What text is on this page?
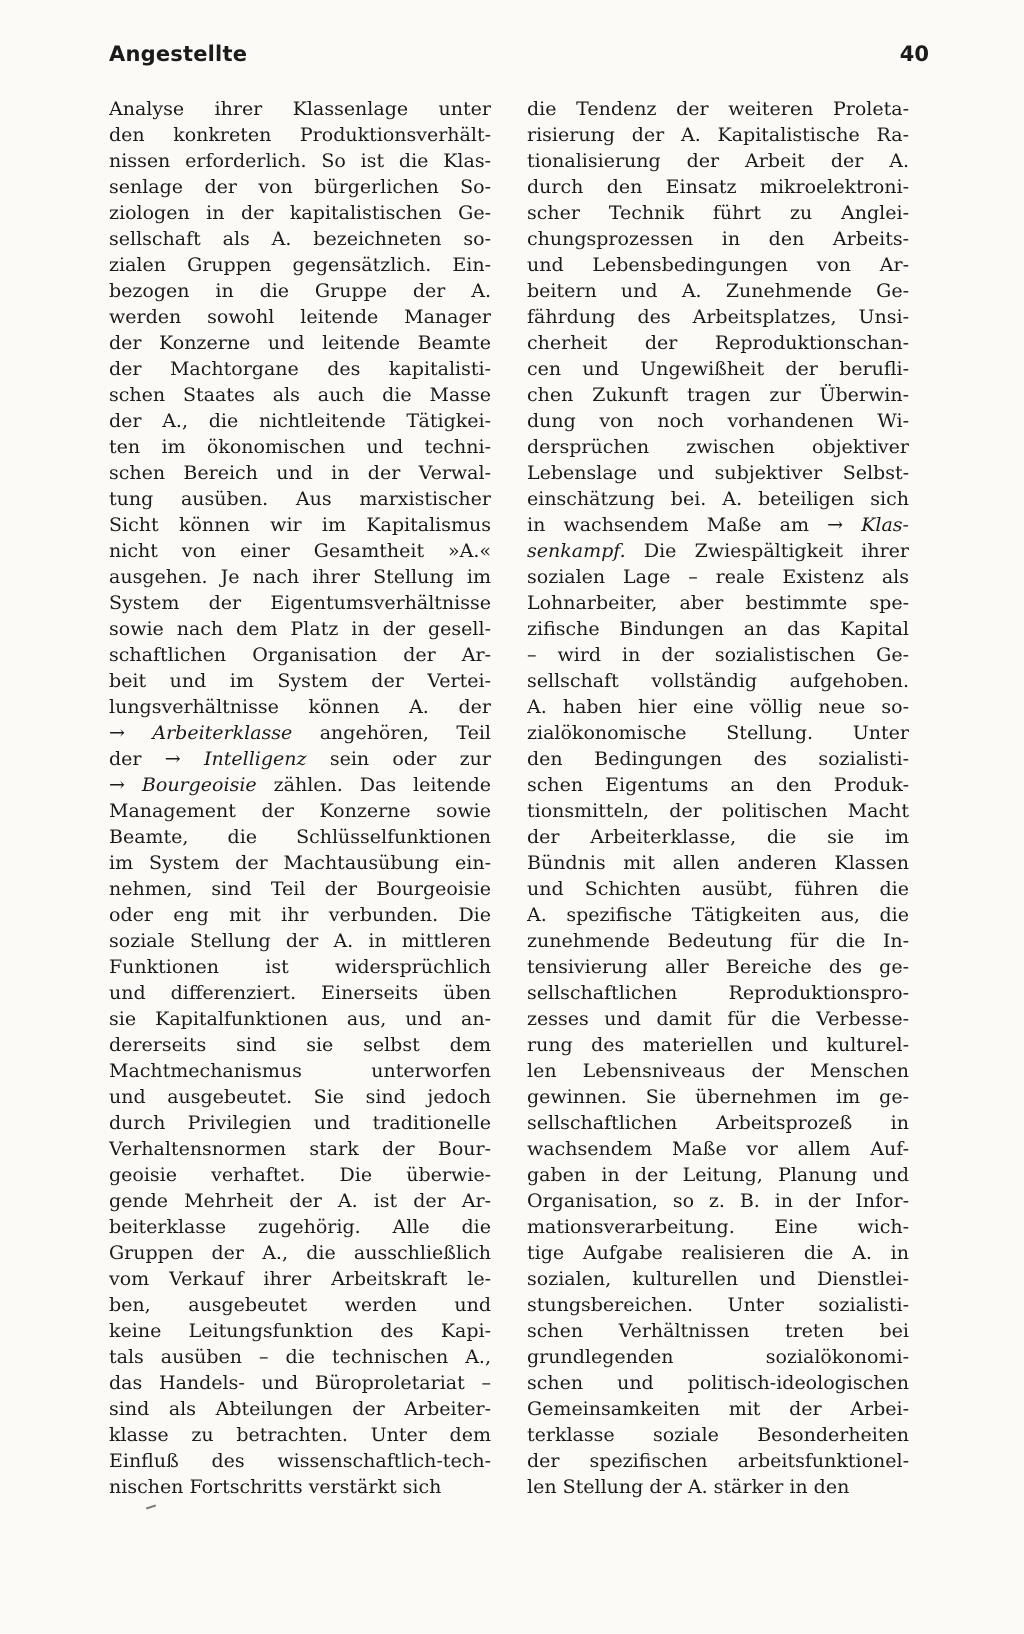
Angestellte	40
Analyse ihrer Klassenlage unter
den konkreten Produktionsverhält-
nissen erforderlich. So ist die Klas-
senlage der von bürgerlichen So-
ziologen in der kapitalistischen Ge-
sellschaft als A. bezeichneten so-
zialen Gruppen gegensätzlich. Ein-
bezogen in die Gruppe der A.
werden sowohl leitende Manager
der Konzerne und leitende Beamte
der Machtorgane des kapitalisti-
schen Staates als auch die Masse
der A., die nichtleitende Tätigkei-
ten im ökonomischen und techni-
schen Bereich und in der Verwal-
tung ausüben. Aus marxistischer
Sicht können wir im Kapitalismus
nicht von einer Gesamtheit »A.«
ausgehen. Je nach ihrer Stellung im
System der Eigentumsverhältnisse
sowie nach dem Platz in der gesell-
schaftlichen Organisation der Ar-
beit und im System der Vertei-
lungsverhältnisse können A. der
→ Arbeiterklasse angehören, Teil
der → Intelligenz sein oder zur
→ Bourgeoisie zählen. Das leitende
Management der Konzerne sowie
Beamte, die Schlüsselfunktionen
im System der Machtausübung ein-
nehmen, sind Teil der Bourgeoisie
oder eng mit ihr verbunden. Die
soziale Stellung der A. in mittleren
Funktionen ist widersprüchlich
und differenziert. Einerseits üben
sie Kapitalfunktionen aus, und an-
dererseits sind sie selbst dem
Machtmechanismus unterworfen
und ausgebeutet. Sie sind jedoch
durch Privilegien und traditionelle
Verhaltensnormen stark der Bour-
geoisie verhaftet. Die überwie-
gende Mehrheit der A. ist der Ar-
beiterklasse zugehörig. Alle die
Gruppen der A., die ausschließlich
vom Verkauf ihrer Arbeitskraft le-
ben, ausgebeutet werden und
keine Leitungsfunktion des Kapi-
tals ausüben – die technischen A.,
das Handels- und Büroproletariat –
sind als Abteilungen der Arbeiter-
klasse zu betrachten. Unter dem
Einfluß des wissenschaftlich-tech-
nischen Fortschritts verstärkt sich
die Tendenz der weiteren Proleta-
risierung der A. Kapitalistische Ra-
tionalisierung der Arbeit der A.
durch den Einsatz mikroelektroni-
scher Technik führt zu Anglei-
chungsprozessen in den Arbeits-
und Lebensbedingungen von Ar-
beitern und A. Zunehmende Ge-
fährdung des Arbeitsplatzes, Unsi-
cherheit der Reproduktionschan-
cen und Ungewißheit der berufli-
chen Zukunft tragen zur Überwin-
dung von noch vorhandenen Wi-
dersprüchen zwischen objektiver
Lebenslage und subjektiver Selbst-
einschätzung bei. A. beteiligen sich
in wachsendem Maße am → Klas-
senkampf. Die Zwiespältigkeit ihrer
sozialen Lage – reale Existenz als
Lohnarbeiter, aber bestimmte spe-
zifische Bindungen an das Kapital
– wird in der sozialistischen Ge-
sellschaft vollständig aufgehoben.
A. haben hier eine völlig neue so-
zialökonomische Stellung. Unter
den Bedingungen des sozialisti-
schen Eigentums an den Produk-
tionsmitteln, der politischen Macht
der Arbeiterklasse, die sie im
Bündnis mit allen anderen Klassen
und Schichten ausübt, führen die
A. spezifische Tätigkeiten aus, die
zunehmende Bedeutung für die In-
tensivierung aller Bereiche des ge-
sellschaftlichen Reproduktionspro-
zesses und damit für die Verbesse-
rung des materiellen und kulturel-
len Lebensniveaus der Menschen
gewinnen. Sie übernehmen im ge-
sellschaftlichen Arbeitsprozeß in
wachsendem Maße vor allem Auf-
gaben in der Leitung, Planung und
Organisation, so z. B. in der Infor-
mationsverarbeitung. Eine wich-
tige Aufgabe realisieren die A. in
sozialen, kulturellen und Dienstlei-
stungsbereichen. Unter sozialisti-
schen Verhältnissen treten bei
grundlegenden sozialökonomi-
schen und politisch-ideologischen
Gemeinsamkeiten mit der Arbei-
terklasse soziale Besonderheiten
der spezifischen arbeitsfunktionel-
len Stellung der A. stärker in den
